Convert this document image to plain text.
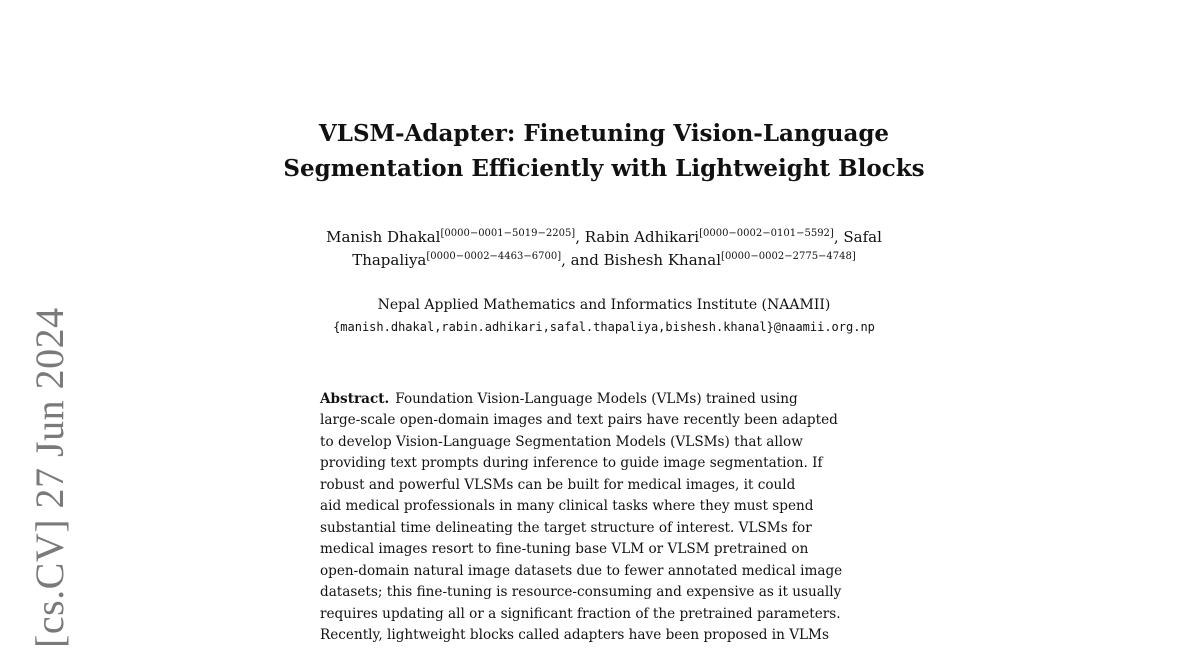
[cs.CV] 27 Jun 2024
VLSM-Adapter: Finetuning Vision-Language
Segmentation Efficiently with Lightweight Blocks
Manish Dhakal[0000−0001−5019−2205], Rabin Adhikari[0000−0002−0101−5592], Safal
Thapaliya[0000−0002−4463−6700], and Bishesh Khanal[0000−0002−2775−4748]
Nepal Applied Mathematics and Informatics Institute (NAAMII)
{manish.dhakal,rabin.adhikari,safal.thapaliya,bishesh.khanal}@naamii.org.np
Abstract. Foundation Vision-Language Models (VLMs) trained using
large-scale open-domain images and text pairs have recently been adapted
to develop Vision-Language Segmentation Models (VLSMs) that allow
providing text prompts during inference to guide image segmentation. If
robust and powerful VLSMs can be built for medical images, it could
aid medical professionals in many clinical tasks where they must spend
substantial time delineating the target structure of interest. VLSMs for
medical images resort to fine-tuning base VLM or VLSM pretrained on
open-domain natural image datasets due to fewer annotated medical image
datasets; this fine-tuning is resource-consuming and expensive as it usually
requires updating all or a significant fraction of the pretrained parameters.
Recently, lightweight blocks called adapters have been proposed in VLMs
